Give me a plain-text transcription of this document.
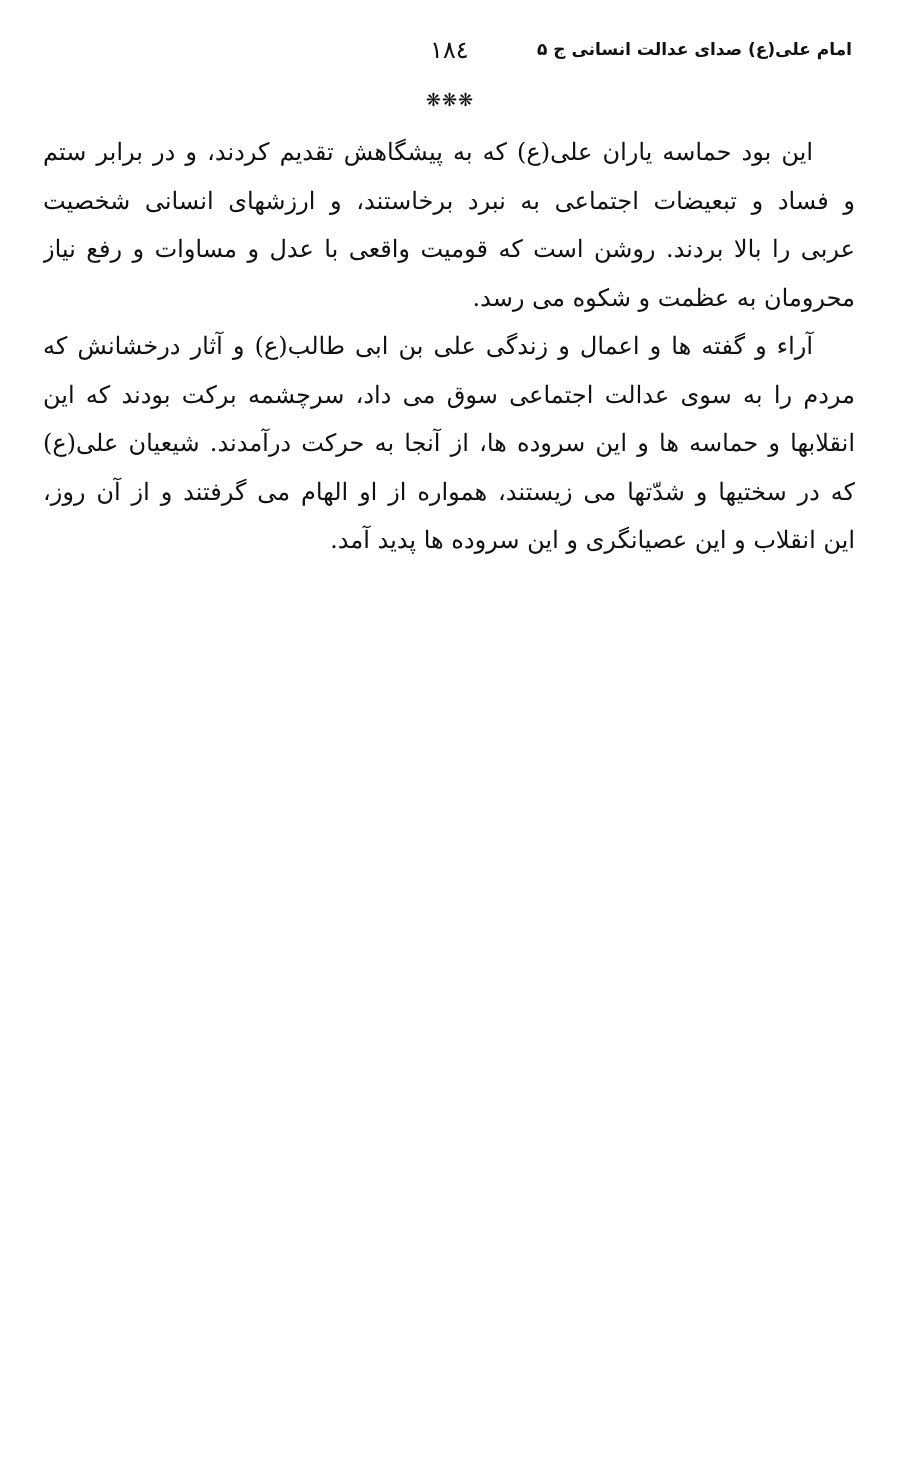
امام علی(ع) صدای عدالت انسانی ج ۵
۱۸٤
❋❋❋
این بود حماسه یاران علی(ع) که به پیشگاهش تقدیم کردند، و در برابر ستم
و فساد و تبعیضات اجتماعی به نبرد برخاستند، و ارزشهای انسانی شخصیت
عربی را بالا بردند. روشن است که قومیت واقعی با عدل و مساوات و رفع نیاز
محرومان به عظمت و شکوه می رسد.
آراء و گفته ها و اعمال و زندگی علی بن ابی طالب(ع) و آثار درخشانش که
مردم را به سوی عدالت اجتماعی سوق می داد، سرچشمه برکت بودند که این
انقلابها و حماسه ها و این سروده ها، از آنجا به حرکت درآمدند. شیعیان علی(ع)
که در سختیها و شدّتها می زیستند، همواره از او الهام می گرفتند و از آن روز،
این انقلاب و این عصیانگری و این سروده ها پدید آمد.
